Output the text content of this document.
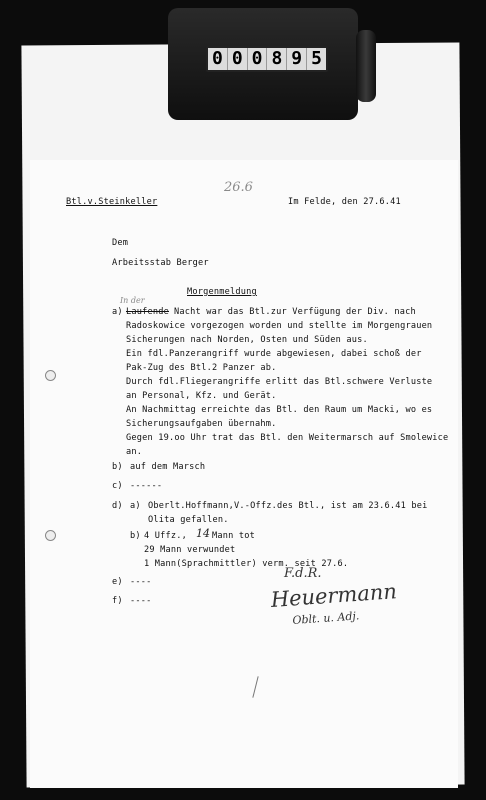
0 0 0 8 9 5
Btl.v.Steinkeller
26.6
Im Felde, den 27.6.41
Dem
Arbeitsstab Berger
Morgenmeldung
In der
a) Laufende Nacht war das Btl.zur Verfügung der Div. nach
Radoskowice vorgezogen worden und stellte im Morgengrauen
Sicherungen nach Norden, Osten und Süden aus.
Ein fdl.Panzerangriff wurde abgewiesen, dabei schoß der
Pak-Zug des Btl.2 Panzer ab.
Durch fdl.Fliegerangriffe erlitt das Btl.schwere Verluste
an Personal, Kfz. und Gerät.
An Nachmittag erreichte das Btl. den Raum um Macki, wo es
Sicherungsaufgaben übernahm.
Gegen 19.oo Uhr trat das Btl. den Weitermarsch auf Smolewice
an.
b) auf dem Marsch
c) ------
d) a) Oberlt.Hoffmann,V.-Offz.des Btl., ist am 23.6.41 bei
Olita gefallen.
b) 4 Uffz., 14 Mann tot
29 Mann verwundet
1 Mann(Sprachmittler) verm. seit 27.6.
e) ----
f) ----
F.d.R.
Heuermann
Oblt. u. Adj.
